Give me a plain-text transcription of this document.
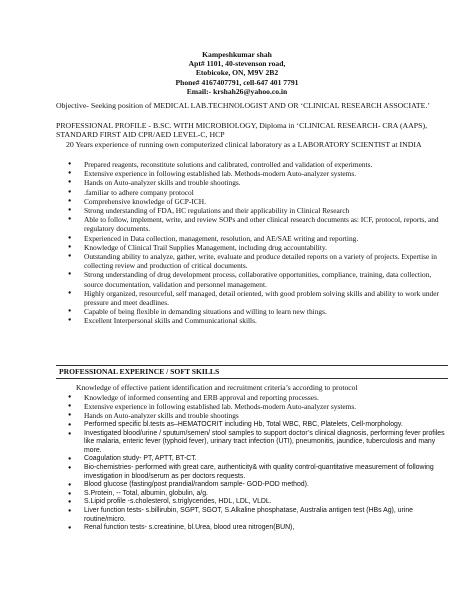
Kampeshkumar shah
Apt# 1101, 40-stevenson road,
Etobicoke, ON, M9V 2B2
Phone# 4167407791, cell-647 401 7791
Email:- krshah26@yahoo.co.in
Objective- Seeking position of MEDICAL LAB.TECHNOLOGIST AND OR ‘CLINICAL RESEARCH ASSOCIATE.’
PROFESSIONAL PROFILE - B.SC. WITH MICROBIOLOGY, Diploma in ‘CLINICAL RESEARCH- CRA (AAPS), STANDARD FIRST AID CPR/AED LEVEL-C, HCP
20 Years experience of running own computerized clinical laboratory as a LABORATORY SCIENTIST at INDIA
● Prepared reagents, reconstitute solutions and calibrated, controlled and validation of experiments.
● Extensive experience in following established lab. Methods-modern Auto-analyzer systems.
● Hands on Auto-analyzer skills and trouble shootings.
● .familiar to adhere company protocol
● Comprehensive knowledge of GCP-ICH.
● Strong understanding of FDA, HC regulations and their applicability in Clinical Research
● Able to follow, implement, write, and review SOPs and other clinical research documents as: ICF, protocol, reports, and regulatory documents.
● Experienced in Data collection, management, resolution, and AE/SAE writing and reporting.
● Knowledge of Clinical Trail Supplies Management, including drug accountability.
● Outstanding ability to analyze, gather, write, evaluate and produce detailed reports on a variety of projects. Expertise in collecting review and production of critical documents.
● Strong understanding of drug development process, collaborative opportunities, compliance, training, data collection, source documentation, validation and personnel management.
● Highly organized, resourceful, self managed, detail oriented, with good problem solving skills and ability to work under pressure and meet deadlines.
● Capable of being flexible in demanding situations and willing to learn new things.
● Excellent Interpersonal skills and Communicational skills.
PROFESSIONAL EXPERINCE / SOFT SKILLS
Knowledge of effective patient identification and recruitment criteria’s according to protocol
● Knowledge of informed consenting and ERB approval and reporting processes.
● Extensive experience in following established lab. Methods-modern Auto-analyzer systems.
● Hands on Auto-analyzer skills and trouble shootings
● Performed specific bl.tests as–HEMATOCRIT including Hb, Total WBC, RBC, Platelets, Cell-morphology.
● Investigated blood/urine / sputum/semen/ stool samples to support doctor’s clinical diagnosis, performing fever profiles like malaria, enteric fever (typhoid fever), urinary tract infection (UTI), pneumonitis, jaundice, tuberculosis and many more.
● Coagulation study- PT, APTT, BT-CT.
● Bio-chemistries- performed with great care, authenticity& with quality control-quantitative measurement of following investigation in blood/serum as per doctors requests.
● Blood glucose (fasting/post prandial/random sample- GOD-POD method).
● S.Protein, -- Total, albumin, globulin, a/g.
● S.Lipid profile -s.cholesterol, s.triglycerides, HDL, LDL, VLDL.
● Liver function tests- s.billirubin, SGPT, SGOT, S.Alkaline phosphatase, Australia antigen test (HBs Ag), urine routine/micro.
● Renal function tests- s.creatinine, bl.Urea, blood urea nitrogen(BUN),
